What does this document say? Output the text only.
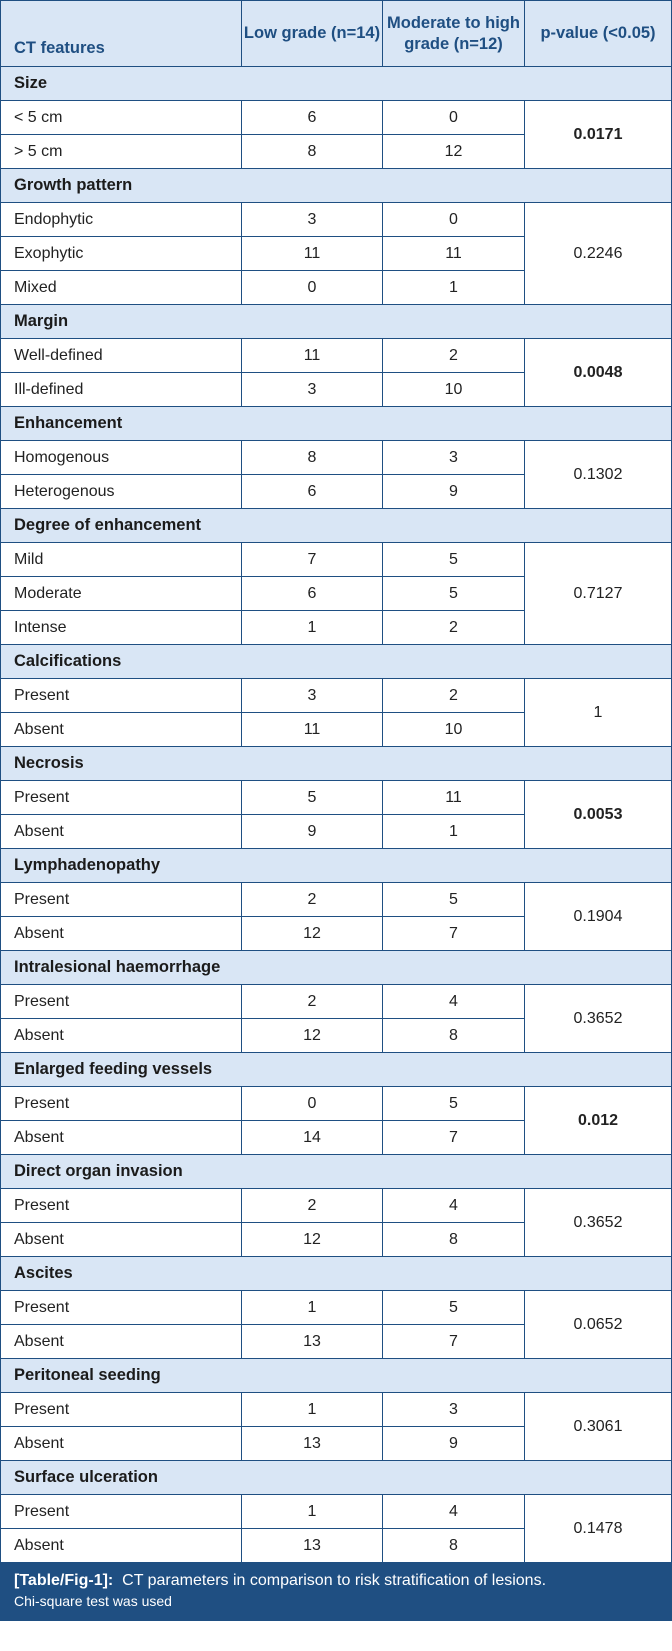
CT features	Low grade (n=14)	Moderate to high grade (n=12)	p-value (<0.05)
Size			
< 5 cm	6	0	0.0171
> 5 cm	8	12	
Growth pattern			
Endophytic	3	0	0.2246
Exophytic	11	11	
Mixed	0	1	
Margin			
Well-defined	11	2	0.0048
Ill-defined	3	10	
Enhancement			
Homogenous	8	3	0.1302
Heterogenous	6	9	
Degree of enhancement			
Mild	7	5	0.7127
Moderate	6	5	
Intense	1	2	
Calcifications			
Present	3	2	1
Absent	11	10	
Necrosis			
Present	5	11	0.0053
Absent	9	1	
Lymphadenopathy			
Present	2	5	0.1904
Absent	12	7	
Intralesional haemorrhage			
Present	2	4	0.3652
Absent	12	8	
Enlarged feeding vessels			
Present	0	5	0.012
Absent	14	7	
Direct organ invasion			
Present	2	4	0.3652
Absent	12	8	
Ascites			
Present	1	5	0.0652
Absent	13	7	
Peritoneal seeding			
Present	1	3	0.3061
Absent	13	9	
Surface ulceration			
Present	1	4	0.1478
Absent	13	8	

[Table/Fig-1]: CT parameters in comparison to risk stratification of lesions.
Chi-square test was used			
